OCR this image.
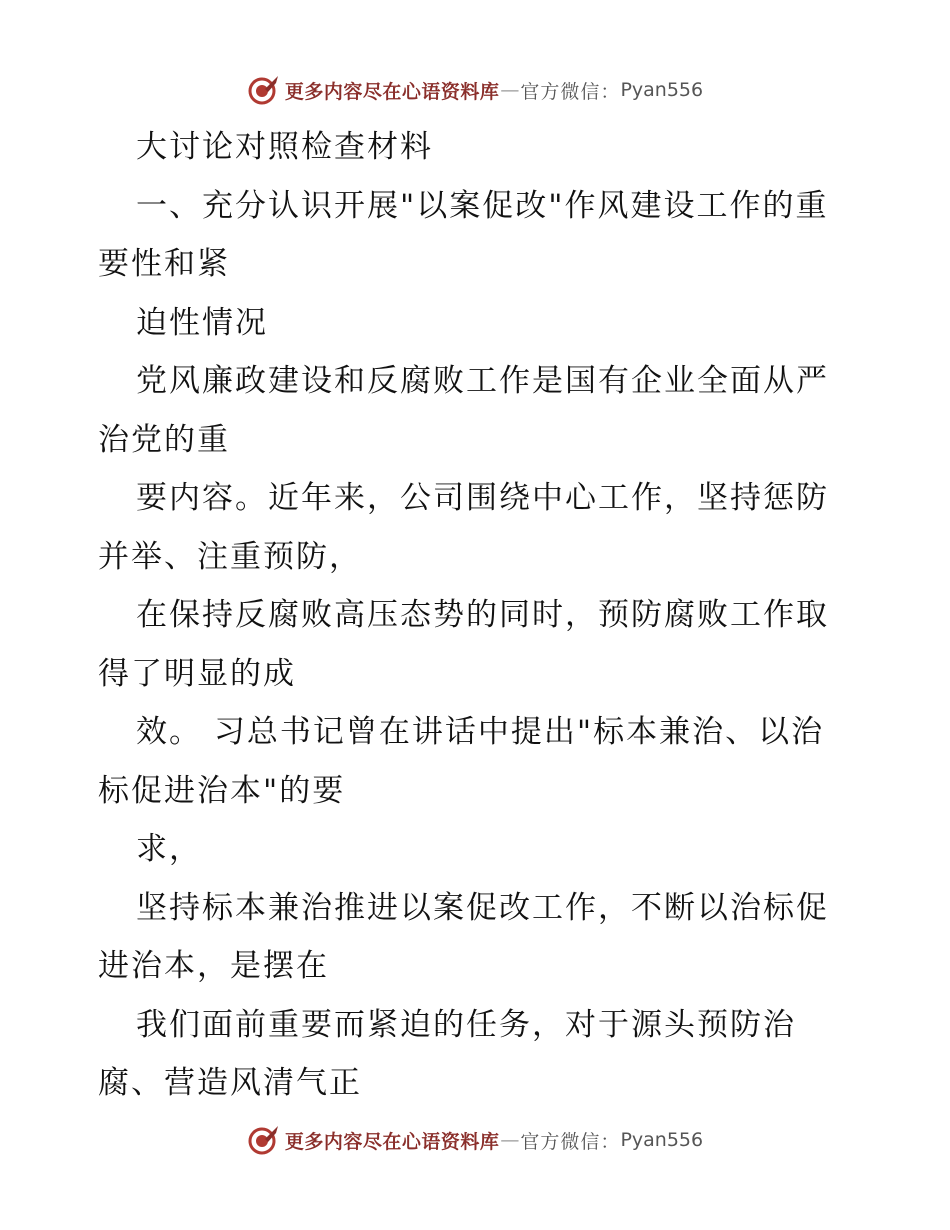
更多内容尽在心语资料库 — 官方微信： Pyan556
大讨论对照检查材料
一、充分认识开展"以案促改"作风建设工作的重
要性和紧
迫性情况
党风廉政建设和反腐败工作是国有企业全面从严
治党的重
要内容。近年来，公司围绕中心工作，坚持惩防
并举、注重预防，
在保持反腐败高压态势的同时，预防腐败工作取
得了明显的成
效。 习总书记曾在讲话中提出"标本兼治、以治
标促进治本"的要
求，
坚持标本兼治推进以案促改工作，不断以治标促
进治本，是摆在
我们面前重要而紧迫的任务，对于源头预防治
腐、营造风清气正
更多内容尽在心语资料库 — 官方微信： Pyan556
